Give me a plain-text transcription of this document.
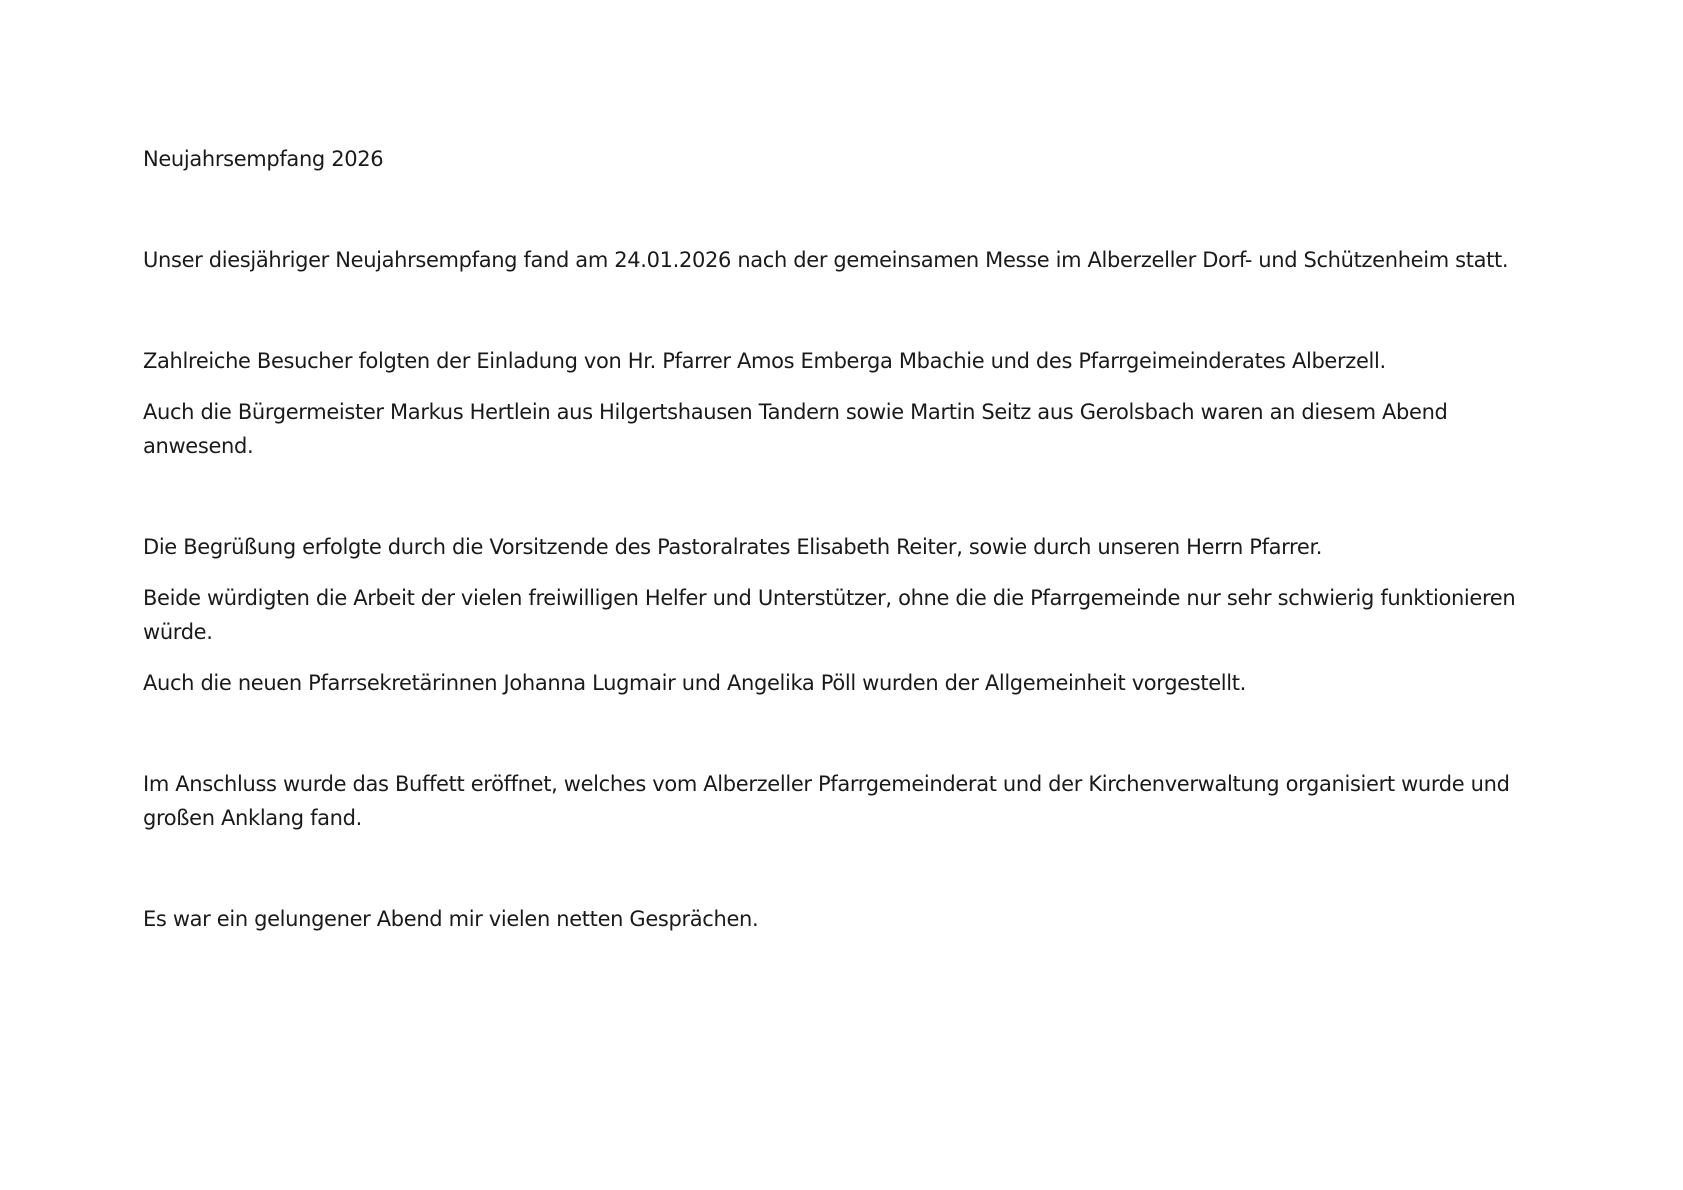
Neujahrsempfang 2026

Unser diesjähriger Neujahrsempfang fand am 24.01.2026 nach der gemeinsamen Messe im Alberzeller Dorf- und Schützenheim statt.

Zahlreiche Besucher folgten der Einladung von Hr. Pfarrer Amos Emberga Mbachie und des Pfarrgeimeinderates Alberzell.

Auch die Bürgermeister Markus Hertlein aus Hilgertshausen Tandern sowie Martin Seitz aus Gerolsbach waren an diesem Abend anwesend.

Die Begrüßung erfolgte durch die Vorsitzende des Pastoralrates Elisabeth Reiter, sowie durch unseren Herrn Pfarrer.

Beide würdigten die Arbeit der vielen freiwilligen Helfer und Unterstützer, ohne die die Pfarrgemeinde nur sehr schwierig funktionieren würde.

Auch die neuen Pfarrsekretärinnen Johanna Lugmair und Angelika Pöll wurden der Allgemeinheit vorgestellt.

Im Anschluss wurde das Buffett eröffnet, welches vom Alberzeller Pfarrgemeinderat und der Kirchenverwaltung organisiert wurde und großen Anklang fand.

Es war ein gelungener Abend mir vielen netten Gesprächen.
